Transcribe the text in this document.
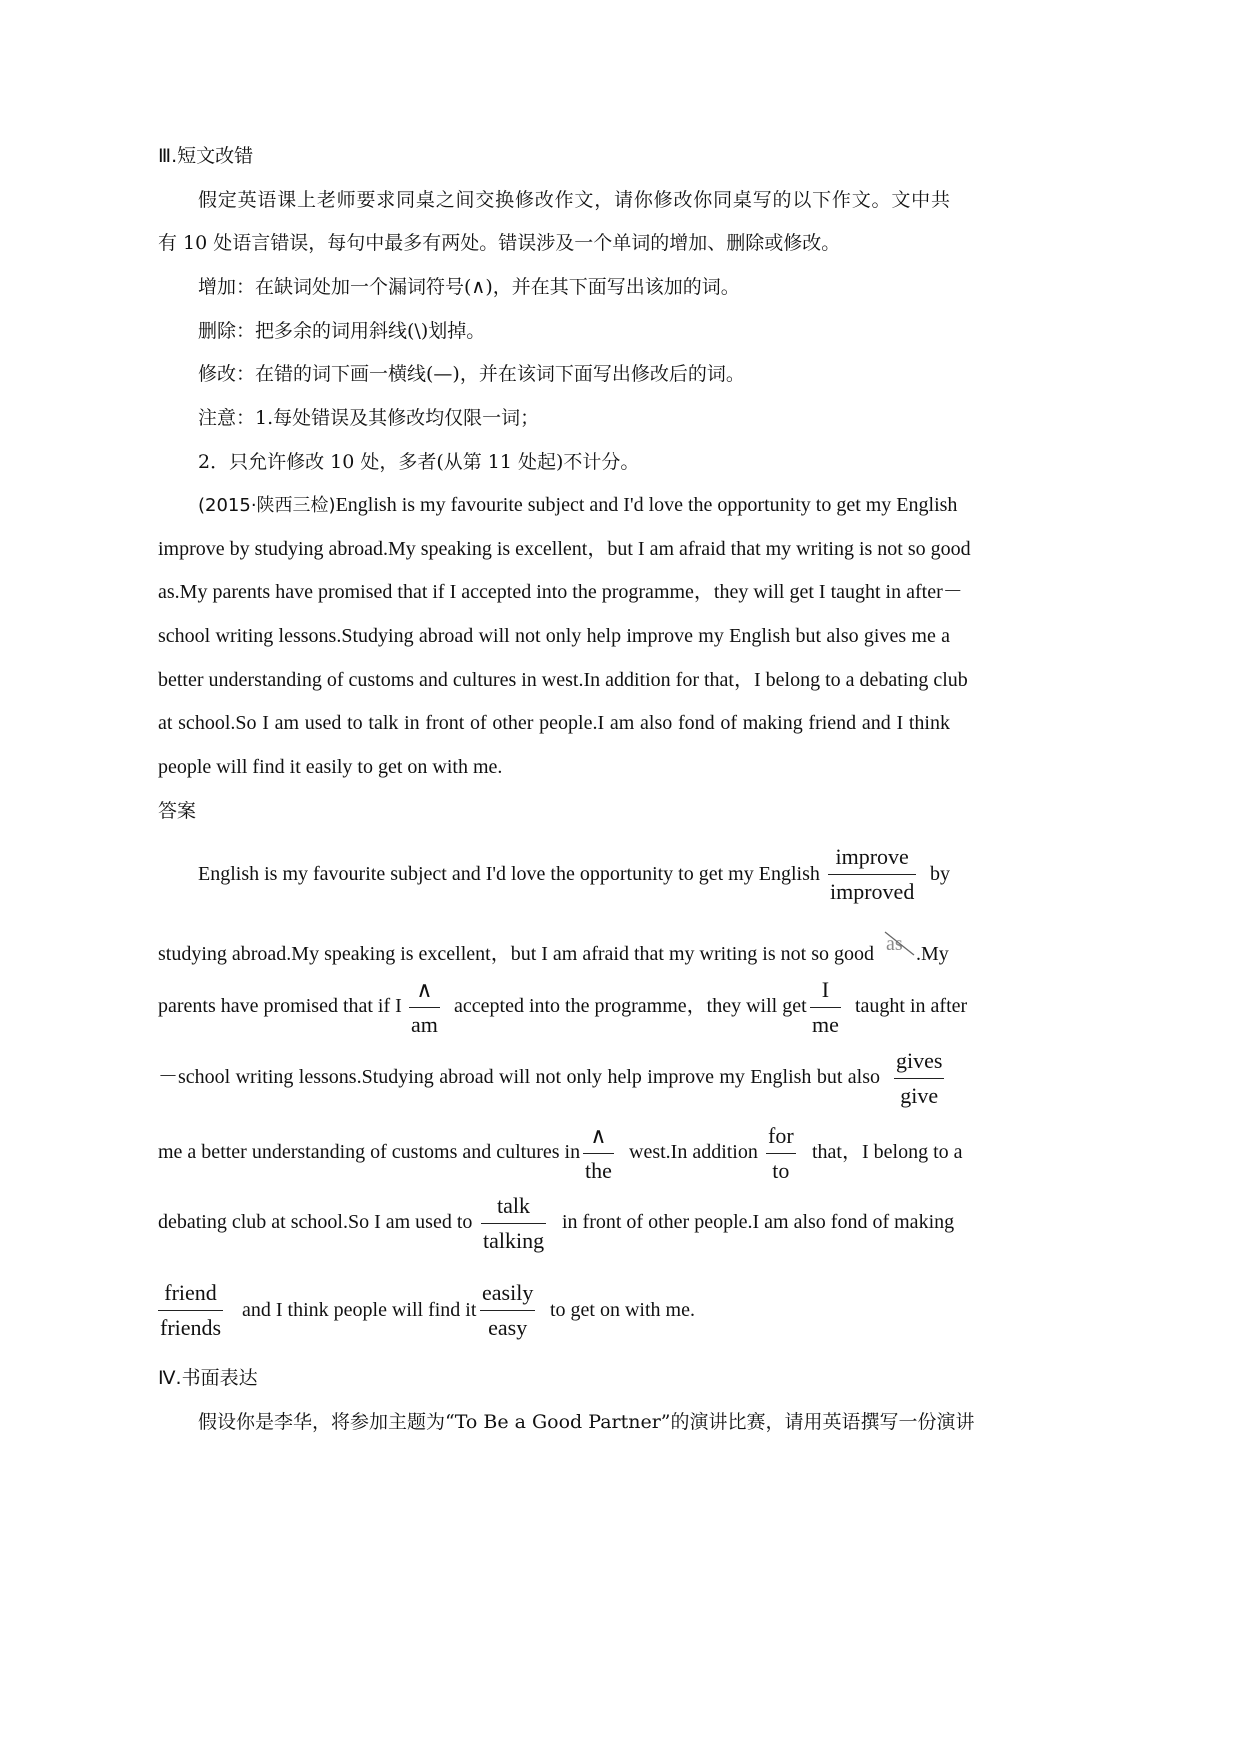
Ⅲ.短文改错
假定英语课上老师要求同桌之间交换修改作文，请你修改你同桌写的以下作文。文中共
有 10 处语言错误，每句中最多有两处。错误涉及一个单词的增加、删除或修改。
增加：在缺词处加一个漏词符号(∧)，并在其下面写出该加的词。
删除：把多余的词用斜线(\)划掉。
修改：在错的词下画一横线(—)，并在该词下面写出修改后的词。
注意：1.每处错误及其修改均仅限一词；
2．只允许修改 10 处，多者(从第 11 处起)不计分。
(2015·陕西三检)English is my favourite subject and I'd love the opportunity to get my English
improve by studying abroad.My speaking is excellent，but I am afraid that my writing is not so good
as.My parents have promised that if I accepted into the programme，they will get I taught in after－
school writing lessons.Studying abroad will not only help improve my English but also gives me a
better understanding of customs and cultures in west.In addition for that，I belong to a debating club
at school.So I am used to talk in front of other people.I am also fond of making friend and I think
people will find it easily to get on with me.
答案
English is my favourite subject and I'd love the opportunity to get my English
improve
improved
by
studying abroad.My speaking is excellent，but I am afraid that my writing is not so good as .My
parents have promised that if I
∧
am
accepted into the programme，they will get
I
me
taught in after
－school writing lessons.Studying abroad will not only help improve my English but also
gives
give
me a better understanding of customs and cultures in
∧
the
west.In addition
for
to
that，I belong to a
debating club at school.So I am used to
talk
talking
in front of other people.I am also fond of making
friend
friends
and I think people will find it
easily
easy
to get on with me.
Ⅳ.书面表达
假设你是李华，将参加主题为“To Be a Good Partner”的演讲比赛，请用英语撰写一份演讲
